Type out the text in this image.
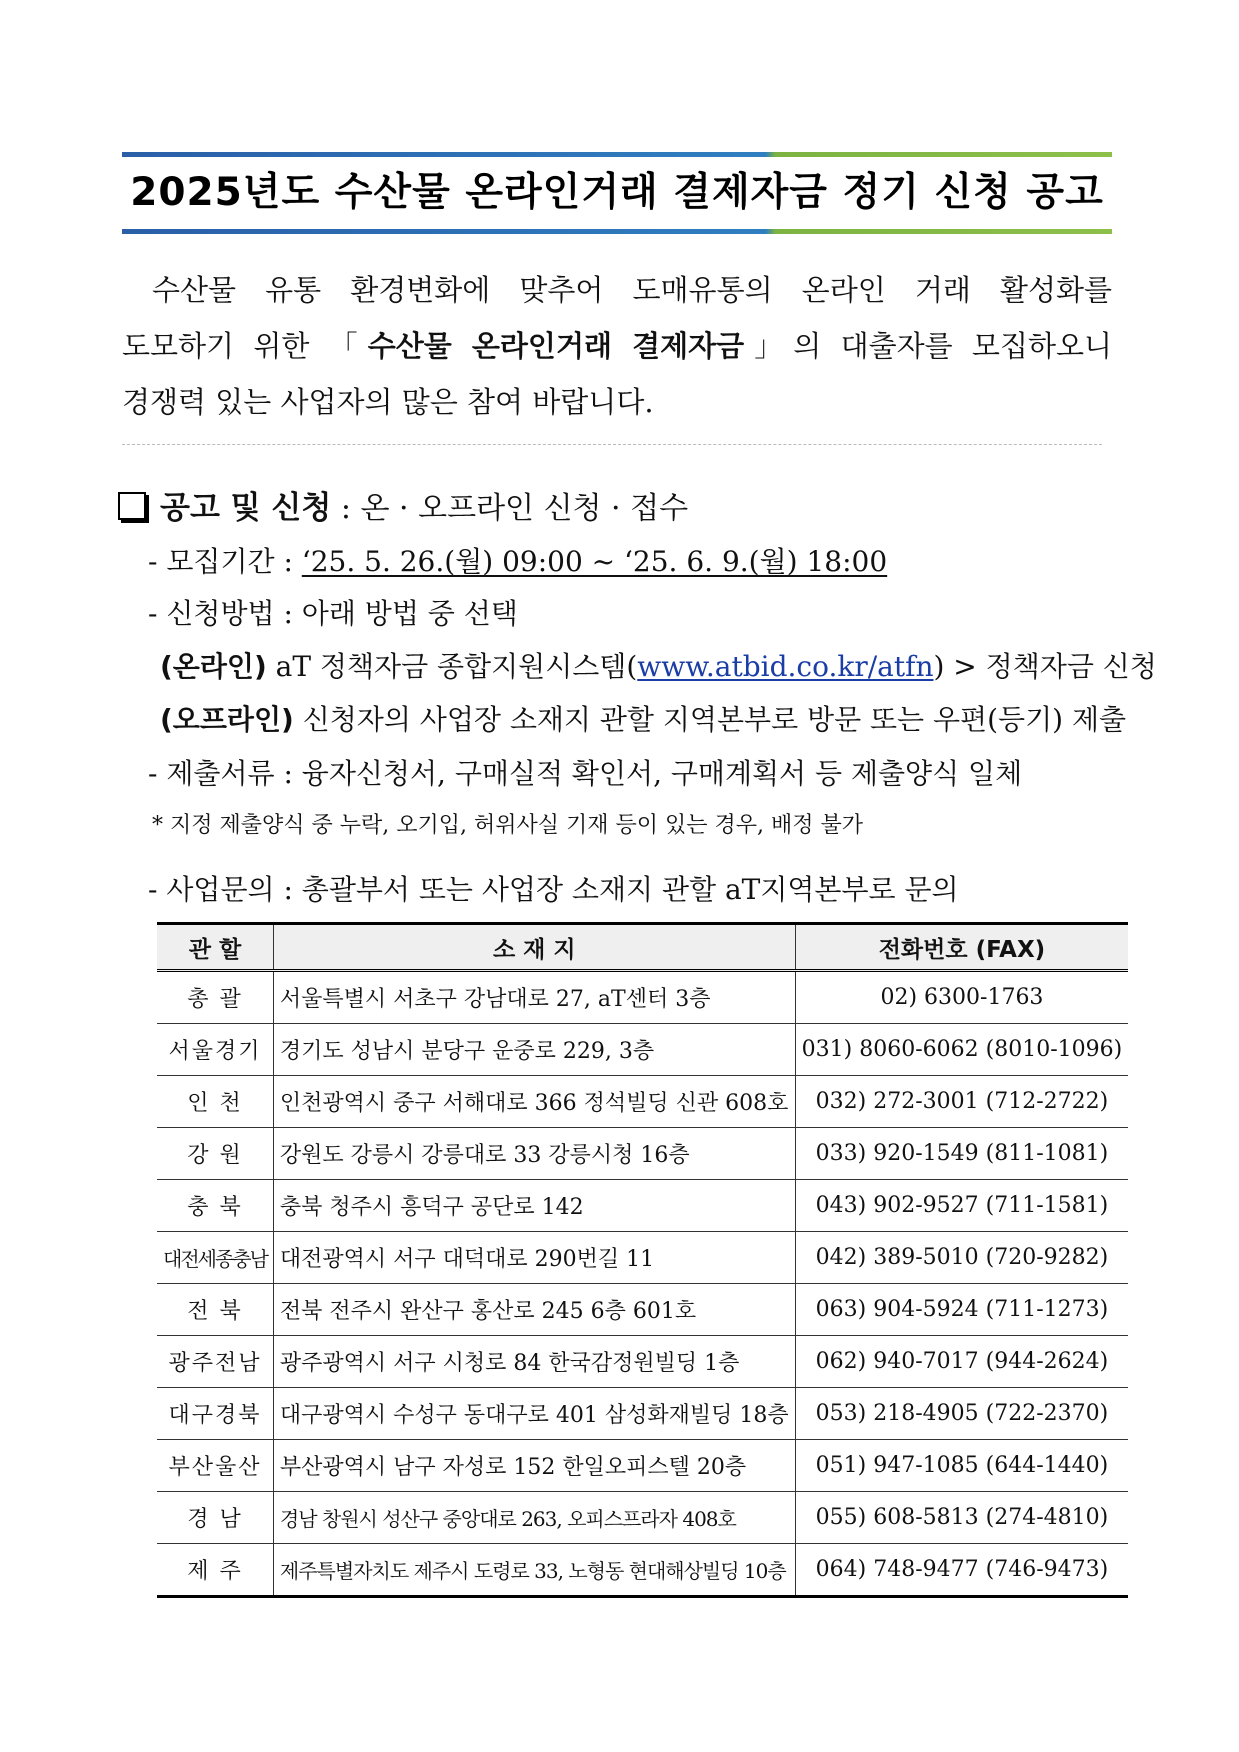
2025년도 수산물 온라인거래 결제자금 정기 신청 공고
수산물 유통 환경변화에 맞추어 도매유통의 온라인 거래 활성화를
도모하기 위한 「수산물 온라인거래 결제자금」의 대출자를 모집하오니
경쟁력 있는 사업자의 많은 참여 바랍니다.
공고 및 신청 : 온 · 오프라인 신청 · 접수
- 모집기간 : ‘25. 5. 26.(월) 09:00 ~ ‘25. 6. 9.(월) 18:00
- 신청방법 : 아래 방법 중 선택
(온라인) aT 정책자금 종합지원시스템(www.atbid.co.kr/atfn) > 정책자금 신청
(오프라인) 신청자의 사업장 소재지 관할 지역본부로 방문 또는 우편(등기) 제출
- 제출서류 : 융자신청서, 구매실적 확인서, 구매계획서 등 제출양식 일체
* 지정 제출양식 중 누락, 오기입, 허위사실 기재 등이 있는 경우, 배정 불가
- 사업문의 : 총괄부서 또는 사업장 소재지 관할 aT지역본부로 문의
관 할	소 재 지	전화번호 (FAX)
총 괄	서울특별시 서초구 강남대로 27, aT센터 3층	02) 6300-1763
서울경기	경기도 성남시 분당구 운중로 229, 3층	031) 8060-6062 (8010-1096)
인 천	인천광역시 중구 서해대로 366 정석빌딩 신관 608호	032) 272-3001 (712-2722)
강 원	강원도 강릉시 강릉대로 33 강릉시청 16층	033) 920-1549 (811-1081)
충 북	충북 청주시 흥덕구 공단로 142	043) 902-9527 (711-1581)
대전세종충남	대전광역시 서구 대덕대로 290번길 11	042) 389-5010 (720-9282)
전 북	전북 전주시 완산구 홍산로 245 6층 601호	063) 904-5924 (711-1273)
광주전남	광주광역시 서구 시청로 84 한국감정원빌딩 1층	062) 940-7017 (944-2624)
대구경북	대구광역시 수성구 동대구로 401 삼성화재빌딩 18층	053) 218-4905 (722-2370)
부산울산	부산광역시 남구 자성로 152 한일오피스텔 20층	051) 947-1085 (644-1440)
경 남	경남 창원시 성산구 중앙대로 263, 오피스프라자 408호	055) 608-5813 (274-4810)
제 주	제주특별자치도 제주시 도령로 33, 노형동 현대해상빌딩 10층	064) 748-9477 (746-9473)
